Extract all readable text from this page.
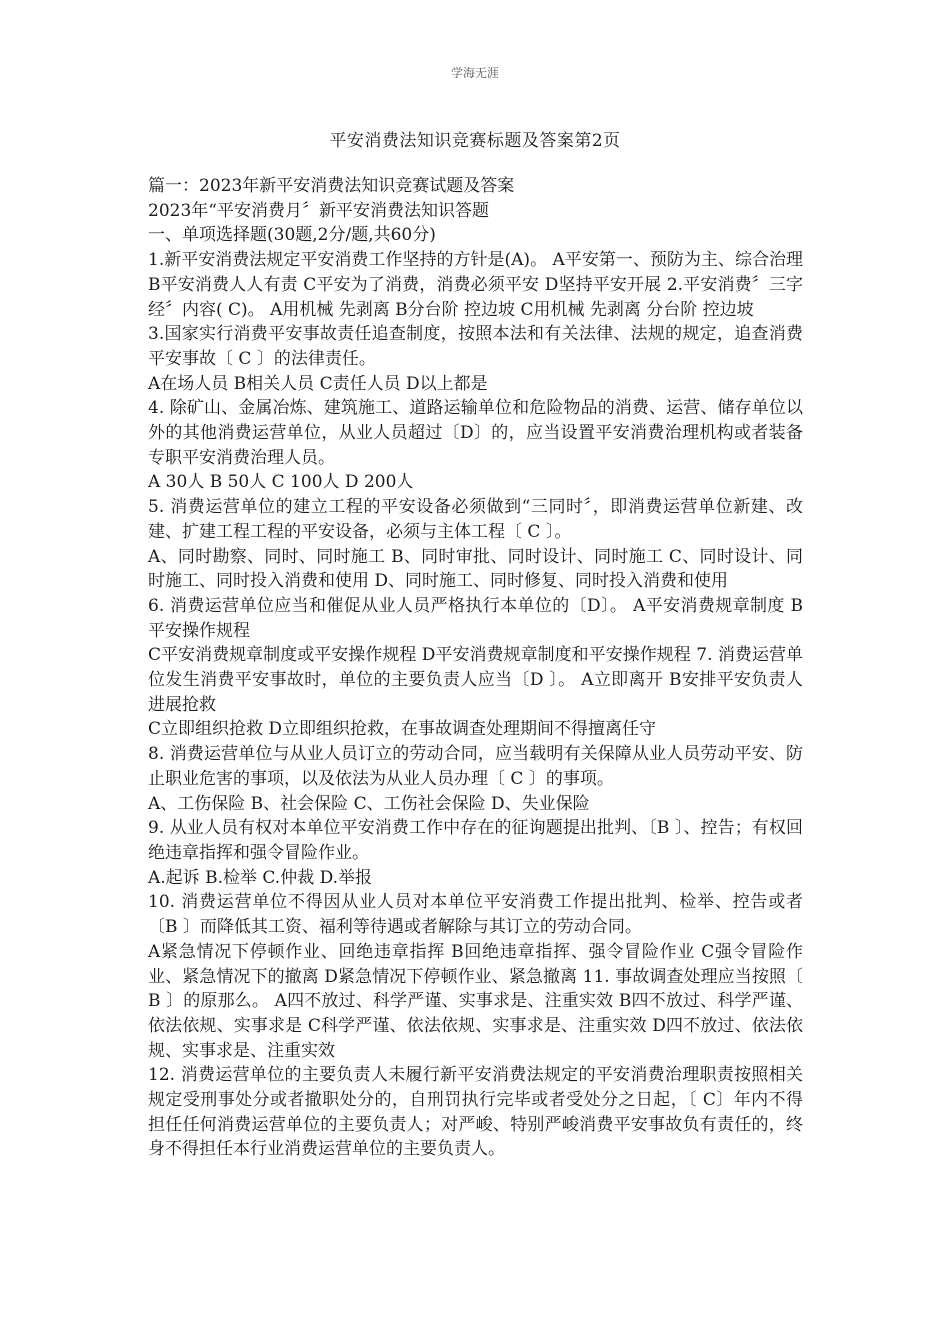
学海无涯
平安消费法知识竞赛标题及答案第2页

篇一：2023年新平安消费法知识竞赛试题及答案

2023年“平安消费月〞新平安消费法知识答题

一、单项选择题(30题,2分/题,共60分)

1.新平安消费法规定平安消费工作坚持的方针是(A)。 A平安第一、预防为主、综合治理 B平安消费人人有责 C平安为了消费，消费必须平安 D坚持平安开展 2.平安消费〞三字经〞内容( C)。 A用机械 先剥离 B分台阶 控边坡 C用机械 先剥离 分台阶 控边坡

3.国家实行消费平安事故责任追查制度，按照本法和有关法律、法规的规定，追查消费平安事故〔 C 〕的法律责任。

A在场人员 B相关人员 C责任人员 D以上都是

4. 除矿山、金属冶炼、建筑施工、道路运输单位和危险物品的消费、运营、储存单位以外的其他消费运营单位，从业人员超过〔D〕的，应当设置平安消费治理机构或者装备专职平安消费治理人员。

A 30人 B 50人 C 100人 D 200人

5. 消费运营单位的建立工程的平安设备必须做到“三同时〞，即消费运营单位新建、改建、扩建工程工程的平安设备，必须与主体工程〔 C 〕。

A、同时勘察、同时、同时施工 B、同时审批、同时设计、同时施工 C、同时设计、同时施工、同时投入消费和使用 D、同时施工、同时修复、同时投入消费和使用

6. 消费运营单位应当和催促从业人员严格执行本单位的〔D〕。 A平安消费规章制度 B平安操作规程

C平安消费规章制度或平安操作规程 D平安消费规章制度和平安操作规程 7. 消费运营单位发生消费平安事故时，单位的主要负责人应当〔D 〕。 A立即离开 B安排平安负责人进展抢救

C立即组织抢救 D立即组织抢救，在事故调查处理期间不得擅离任守

8. 消费运营单位与从业人员订立的劳动合同，应当载明有关保障从业人员劳动平安、防止职业危害的事项，以及依法为从业人员办理〔 C 〕的事项。

A、工伤保险 B、社会保险 C、工伤社会保险 D、失业保险

9. 从业人员有权对本单位平安消费工作中存在的征询题提出批判、〔B 〕、控告；有权回绝违章指挥和强令冒险作业。

A.起诉 B.检举 C.仲裁 D.举报

10. 消费运营单位不得因从业人员对本单位平安消费工作提出批判、检举、控告或者〔B 〕而降低其工资、福利等待遇或者解除与其订立的劳动合同。

A紧急情况下停顿作业、回绝违章指挥 B回绝违章指挥、强令冒险作业 C强令冒险作业、紧急情况下的撤离 D紧急情况下停顿作业、紧急撤离 11. 事故调查处理应当按照〔 B 〕的原那么。 A四不放过、科学严谨、实事求是、注重实效 B四不放过、科学严谨、依法依规、实事求是 C科学严谨、依法依规、实事求是、注重实效 D四不放过、依法依规、实事求是、注重实效

12. 消费运营单位的主要负责人未履行新平安消费法规定的平安消费治理职责按照相关规定受刑事处分或者撤职处分的，自刑罚执行完毕或者受处分之日起，〔 C〕年内不得担任任何消费运营单位的主要负责人；对严峻、特别严峻消费平安事故负有责任的，终身不得担任本行业消费运营单位的主要负责人。
